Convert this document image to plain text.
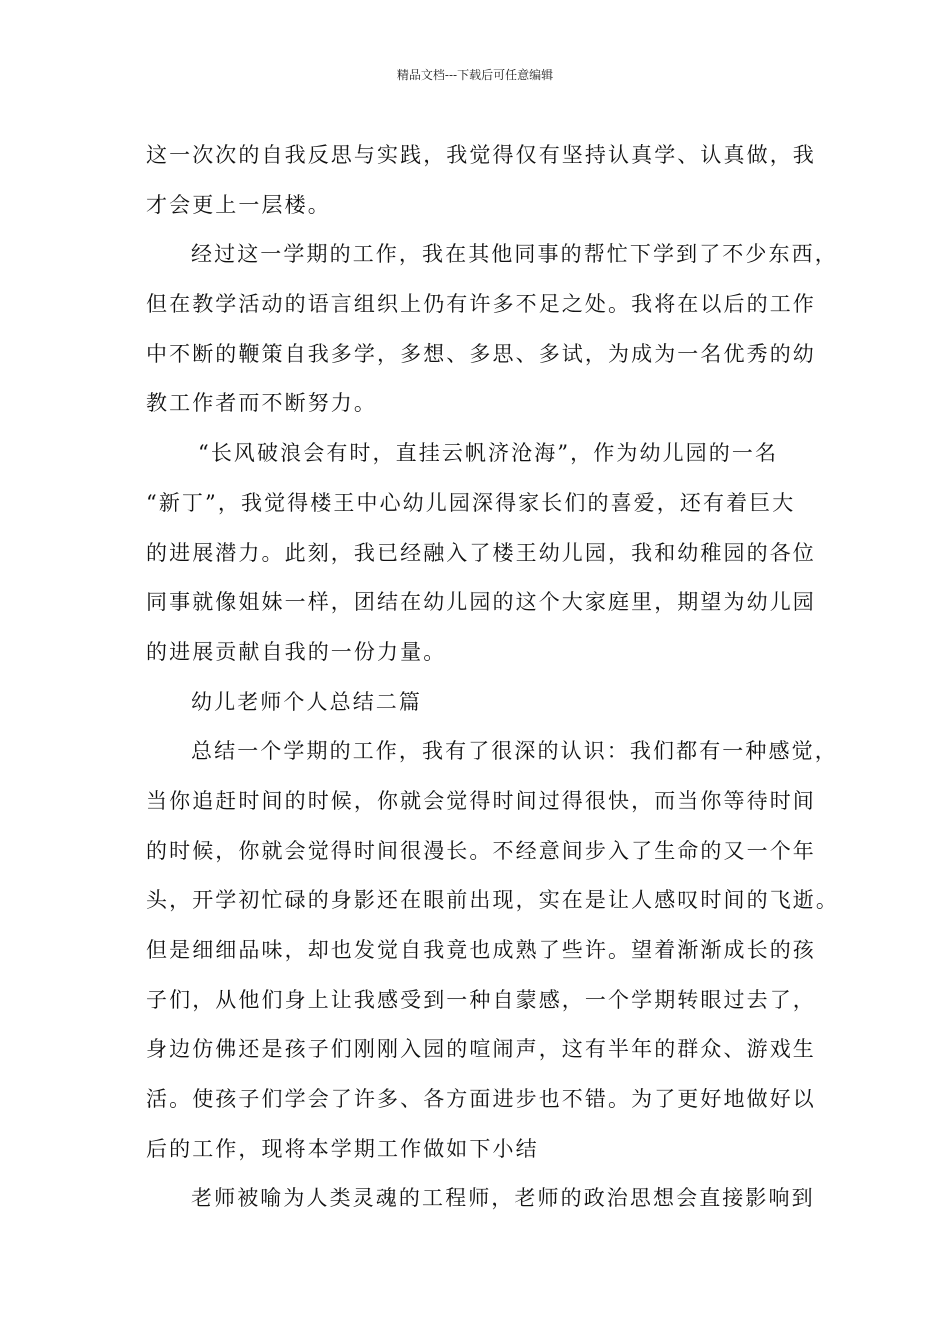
精品文档---下载后可任意编辑
这一次次的自我反思与实践，我觉得仅有坚持认真学、认真做，我
才会更上一层楼。
经过这一学期的工作，我在其他同事的帮忙下学到了不少东西，
但在教学活动的语言组织上仍有许多不足之处。我将在以后的工作
中不断的鞭策自我多学，多想、多思、多试，为成为一名优秀的幼
教工作者而不断努力。
“长风破浪会有时，直挂云帆济沧海”，作为幼儿园的一名
“新丁”，我觉得楼王中心幼儿园深得家长们的喜爱，还有着巨大
的进展潜力。此刻，我已经融入了楼王幼儿园，我和幼稚园的各位
同事就像姐妹一样，团结在幼儿园的这个大家庭里，期望为幼儿园
的进展贡献自我的一份力量。
幼儿老师个人总结二篇
总结一个学期的工作，我有了很深的认识：我们都有一种感觉，
当你追赶时间的时候，你就会觉得时间过得很快，而当你等待时间
的时候，你就会觉得时间很漫长。不经意间步入了生命的又一个年
头，开学初忙碌的身影还在眼前出现，实在是让人感叹时间的飞逝。
但是细细品味，却也发觉自我竟也成熟了些许。望着渐渐成长的孩
子们，从他们身上让我感受到一种自蒙感，一个学期转眼过去了，
身边仿佛还是孩子们刚刚入园的喧闹声，这有半年的群众、游戏生
活。使孩子们学会了许多、各方面进步也不错。为了更好地做好以
后的工作，现将本学期工作做如下小结
老师被喻为人类灵魂的工程师，老师的政治思想会直接影响到
